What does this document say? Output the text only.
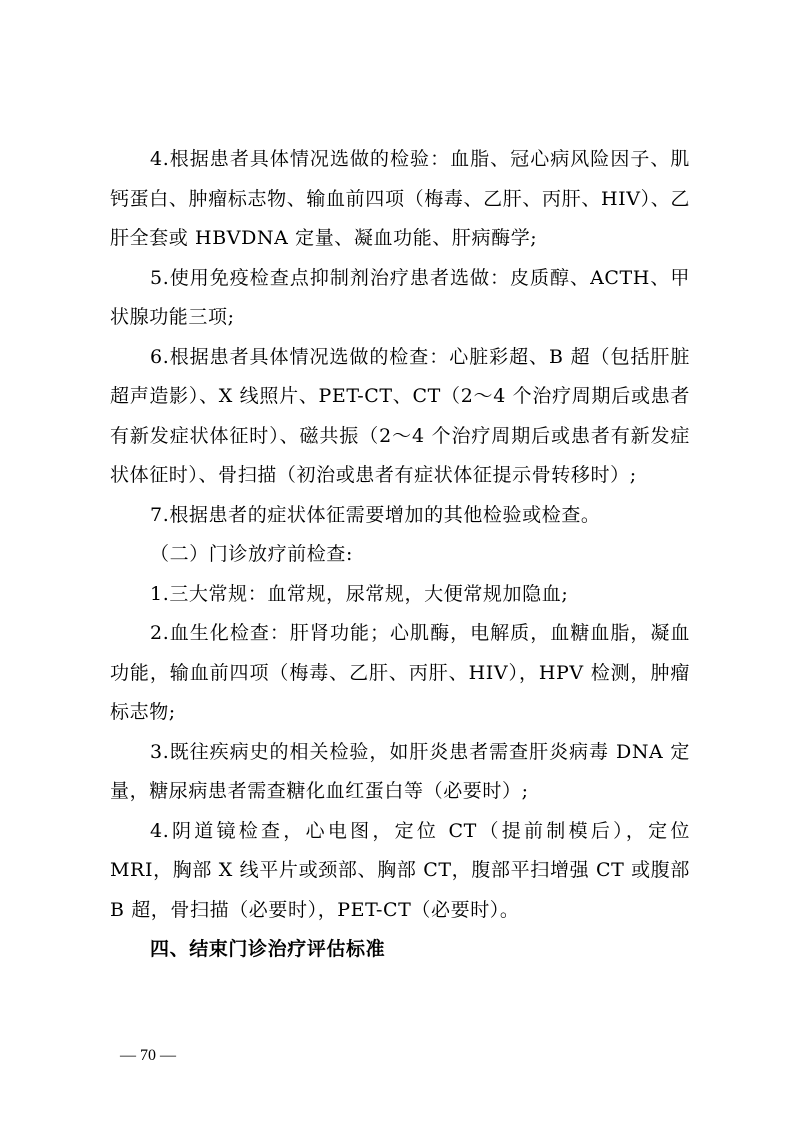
4.根据患者具体情况选做的检验：血脂、冠心病风险因子、肌钙蛋白、肿瘤标志物、输血前四项（梅毒、乙肝、丙肝、HIV）、乙肝全套或 HBVDNA 定量、凝血功能、肝病酶学;

5.使用免疫检查点抑制剂治疗患者选做：皮质醇、ACTH、甲状腺功能三项;

6.根据患者具体情况选做的检查：心脏彩超、B 超（包括肝脏超声造影）、X 线照片、PET-CT、CT（2～4 个治疗周期后或患者有新发症状体征时）、磁共振（2～4 个治疗周期后或患者有新发症状体征时）、骨扫描（初治或患者有症状体征提示骨转移时）;

7.根据患者的症状体征需要增加的其他检验或检查。

（二）门诊放疗前检查:

1.三大常规：血常规，尿常规，大便常规加隐血;

2.血生化检查：肝肾功能；心肌酶，电解质，血糖血脂，凝血功能，输血前四项（梅毒、乙肝、丙肝、HIV），HPV 检测，肿瘤标志物;

3.既往疾病史的相关检验，如肝炎患者需查肝炎病毒 DNA 定量，糖尿病患者需查糖化血红蛋白等（必要时）;

4.阴道镜检查，心电图，定位 CT（提前制模后），定位 MRI，胸部 X 线平片或颈部、胸部 CT，腹部平扫增强 CT 或腹部 B 超，骨扫描（必要时），PET-CT（必要时）。

四、结束门诊治疗评估标准

— 70 —
